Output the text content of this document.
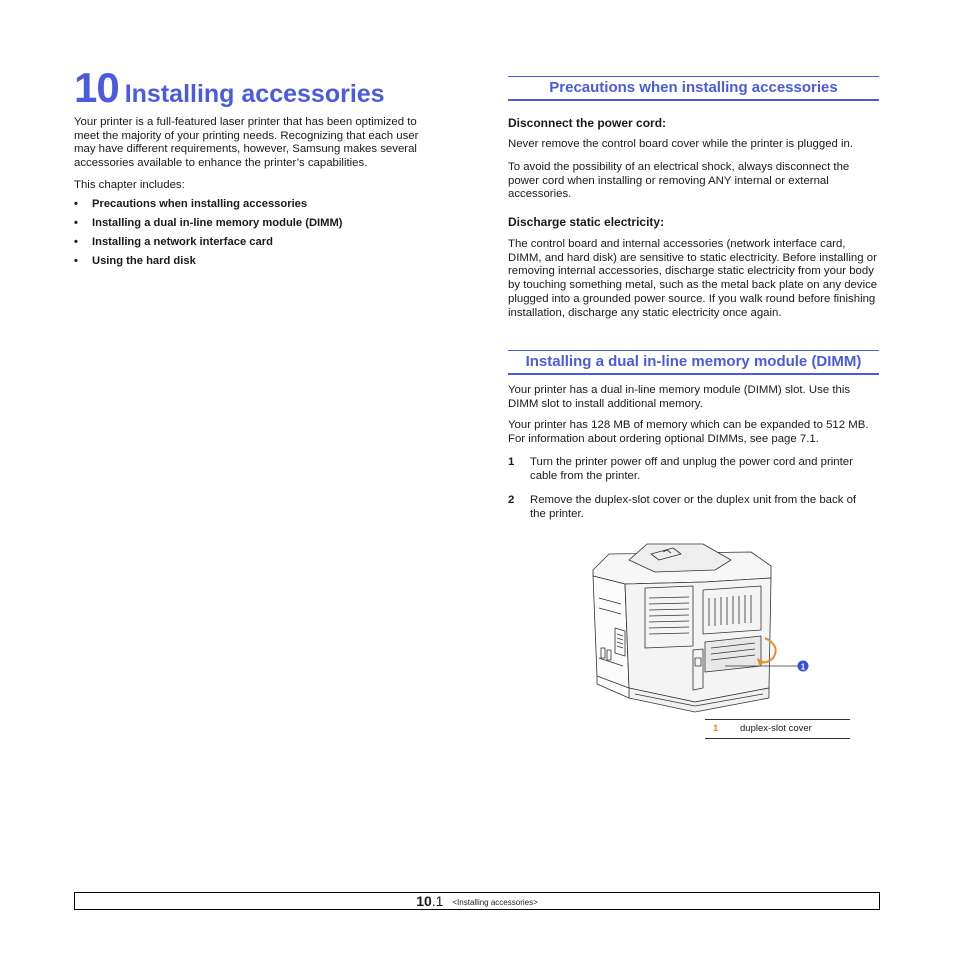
10 Installing accessories

Your printer is a full-featured laser printer that has been optimized to meet the majority of your printing needs. Recognizing that each user may have different requirements, however, Samsung makes several accessories available to enhance the printer’s capabilities.

This chapter includes:

• Precautions when installing accessories
• Installing a dual in-line memory module (DIMM)
• Installing a network interface card
• Using the hard disk
Precautions when installing accessories

Disconnect the power cord:

Never remove the control board cover while the printer is plugged in.

To avoid the possibility of an electrical shock, always disconnect the power cord when installing or removing ANY internal or external accessories.

Discharge static electricity:

The control board and internal accessories (network interface card, DIMM, and hard disk) are sensitive to static electricity. Before installing or removing internal accessories, discharge static electricity from your body by touching something metal, such as the metal back plate on any device plugged into a grounded power source. If you walk round before finishing installation, discharge any static electricity once again.

Installing a dual in-line memory module (DIMM)

Your printer has a dual in-line memory module (DIMM) slot. Use this DIMM slot to install additional memory.

Your printer has 128 MB of memory which can be expanded to 512 MB. For information about ordering optional DIMMs, see page 7.1.

1 Turn the printer power off and unplug the power cord and printer cable from the printer.
2 Remove the duplex-slot cover or the duplex unit from the back of the printer.
1
1 duplex-slot cover
10.1 <Installing accessories>
